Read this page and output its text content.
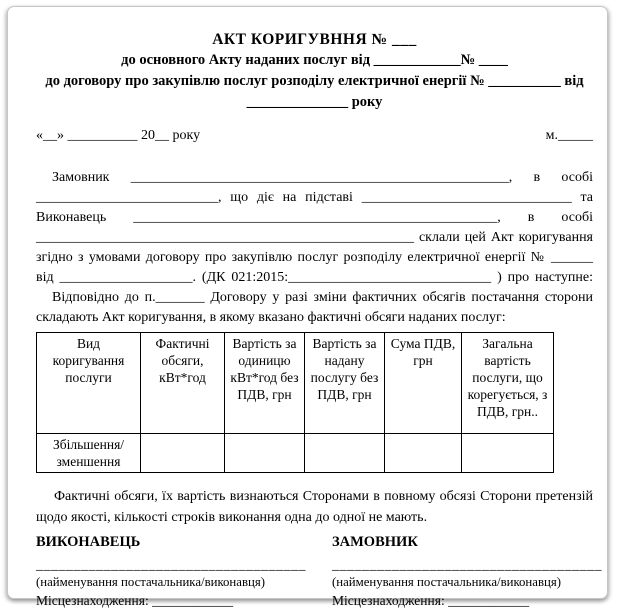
АКТ КОРИГУВННЯ № ___
до основного Акту наданих послуг від ____________№ ____
до договору про закупівлю послуг розподілу електричної енергії № __________ від
______________ року
«__» __________ 20__ року	м._____
Замовник ______________________________________________________, в особі
__________________________, що діє на підставі ______________________________ та
Виконавець ____________________________________________________, в особі
______________________________________________________ склали цей Акт коригування
згідно з умовами договору про закупівлю послуг розподілу електричної енергії № ______
від ___________________. (ДК 021:2015:_____________________________ ) про наступне:
Відповідно до п._______ Договору у разі зміни фактичних обсягів постачання сторони
складають Акт коригування, в якому вказано фактичні обсяги наданих послуг:
Вид коригування послуги	Фактичні обсяги, кВт*год	Вартість за одиницю кВт*год без ПДВ, грн	Вартість за надану послугу без ПДВ, грн	Сума ПДВ, грн	Загальна вартість послуги, що корегується, з ПДВ, грн..
Збільшення/ зменшення					

Фактичні обсяги, їх вартість визнаються Сторонами в повному обсязі Сторони претензій щодо якості, кількості строків виконання одна до одної не мають.

ВИКОНАВЕЦЬ
____________________________________
(найменування постачальника/виконавця)
Місцезнаходження: ____________
ЗАМОВНИК
____________________________________
(найменування постачальника/виконавця)
Місцезнаходження: ____________
